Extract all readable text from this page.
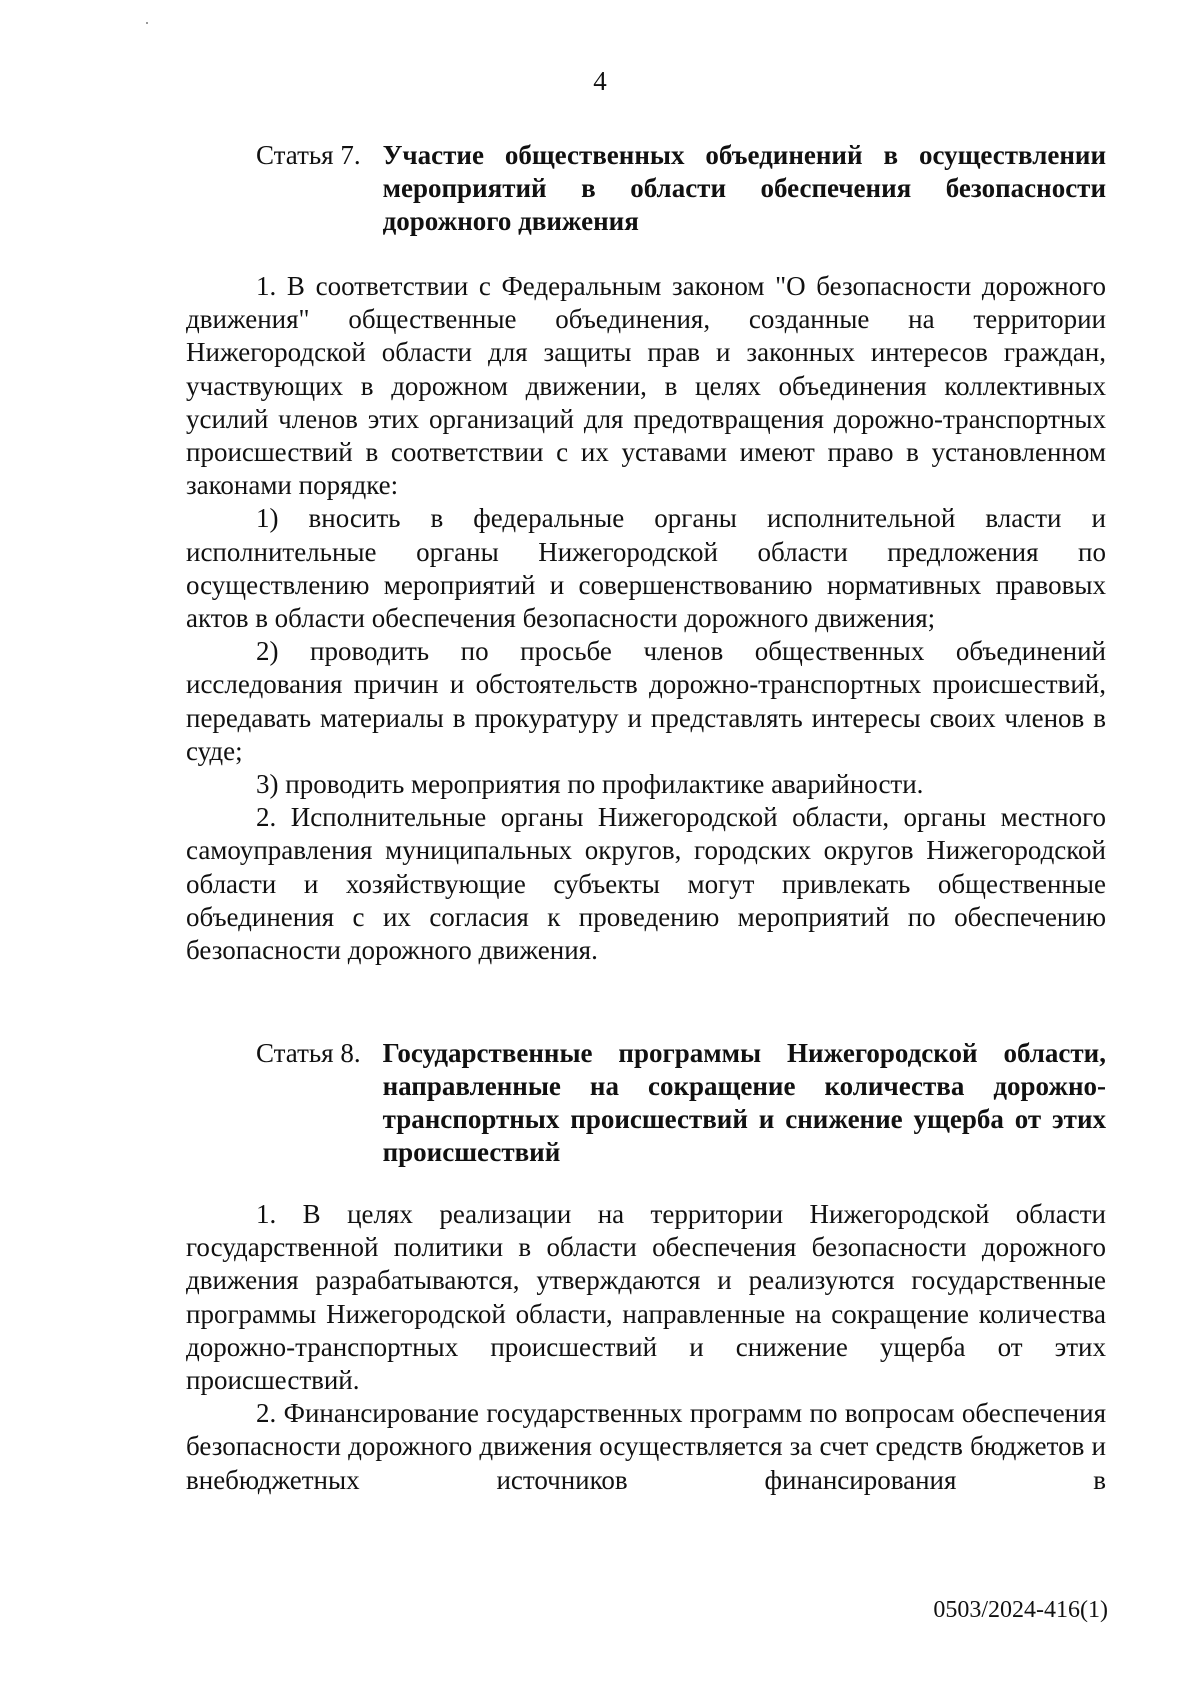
4
Статья 7. Участие общественных объединений в осуществлении мероприятий в области обеспечения безопасности дорожного движения

1. В соответствии с Федеральным законом "О безопасности дорожного движения" общественные объединения, созданные на территории Нижегородской области для защиты прав и законных интересов граждан, участвующих в дорожном движении, в целях объединения коллективных усилий членов этих организаций для предотвращения дорожно-транспортных происшествий в соответствии с их уставами имеют право в установленном законами порядке:

1) вносить в федеральные органы исполнительной власти и исполнительные органы Нижегородской области предложения по осуществлению мероприятий и совершенствованию нормативных правовых актов в области обеспечения безопасности дорожного движения;

2) проводить по просьбе членов общественных объединений исследования причин и обстоятельств дорожно-транспортных происшествий, передавать материалы в прокуратуру и представлять интересы своих членов в суде;

3) проводить мероприятия по профилактике аварийности.

2. Исполнительные органы Нижегородской области, органы местного самоуправления муниципальных округов, городских округов Нижегородской области и хозяйствующие субъекты могут привлекать общественные объединения с их согласия к проведению мероприятий по обеспечению безопасности дорожного движения.

Статья 8. Государственные программы Нижегородской области, направленные на сокращение количества дорожно-транспортных происшествий и снижение ущерба от этих происшествий

1. В целях реализации на территории Нижегородской области государственной политики в области обеспечения безопасности дорожного движения разрабатываются, утверждаются и реализуются государственные программы Нижегородской области, направленные на сокращение количества дорожно-транспортных происшествий и снижение ущерба от этих происшествий.

2. Финансирование государственных программ по вопросам обеспечения безопасности дорожного движения осуществляется за счет средств бюджетов и внебюджетных источников финансирования в

0503/2024-416(1)
